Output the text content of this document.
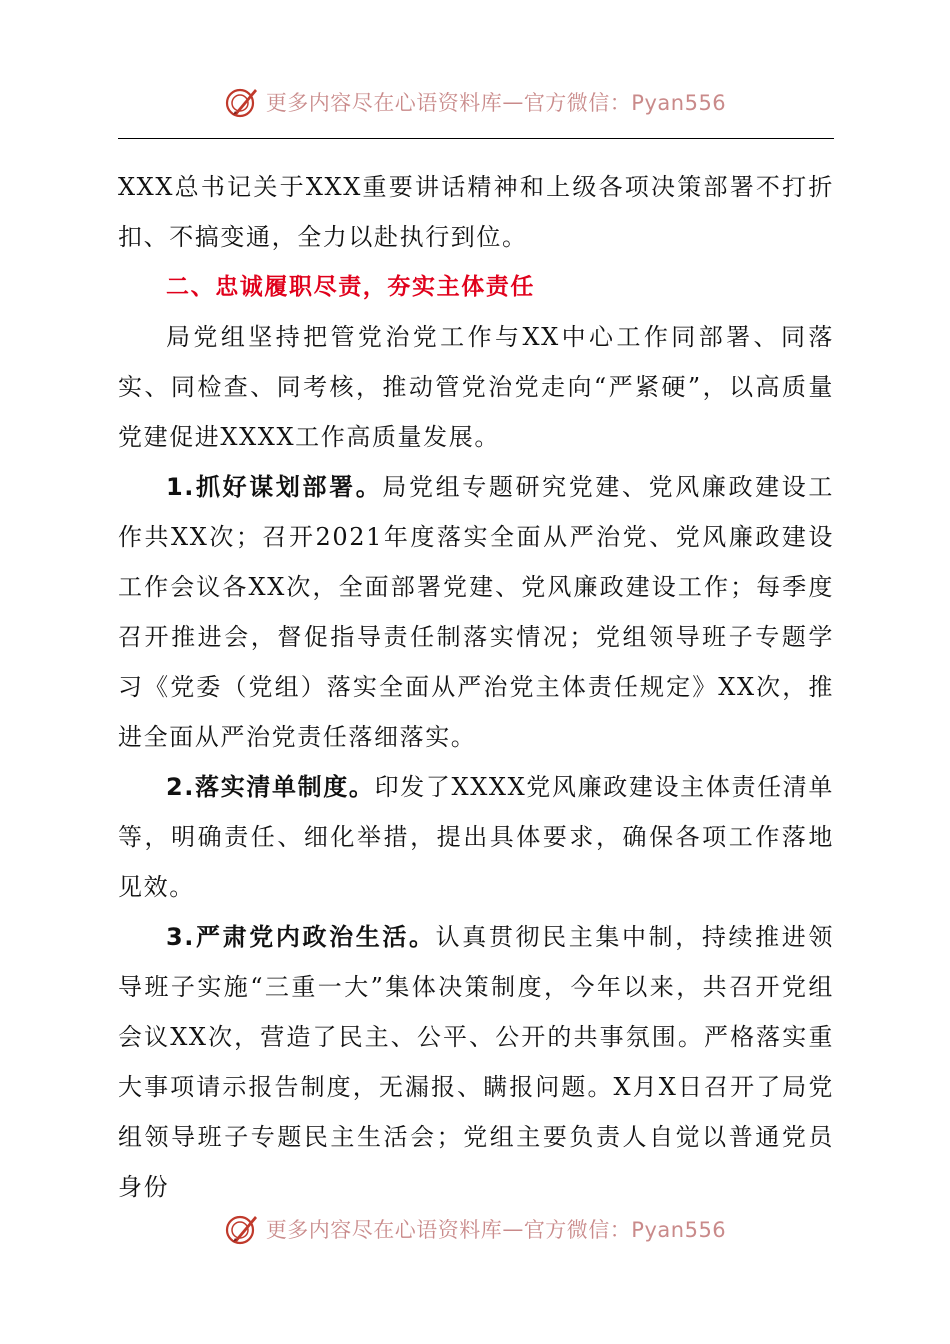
更多内容尽在心语资料库 — 官方微信：Pyan556

XXX总书记关于XXX重要讲话精神和上级各项决策部署不打折扣、不搞变通，全力以赴执行到位。

二、忠诚履职尽责，夯实主体责任

局党组坚持把管党治党工作与XX中心工作同部署、同落实、同检查、同考核，推动管党治党走向“严紧硬”，以高质量党建促进XXXX工作高质量发展。

1.抓好谋划部署。局党组专题研究党建、党风廉政建设工作共XX次；召开2021年度落实全面从严治党、党风廉政建设工作会议各XX次，全面部署党建、党风廉政建设工作；每季度召开推进会，督促指导责任制落实情况；党组领导班子专题学习《党委（党组）落实全面从严治党主体责任规定》XX次，推进全面从严治党责任落细落实。

2.落实清单制度。印发了XXXX党风廉政建设主体责任清单等，明确责任、细化举措，提出具体要求，确保各项工作落地见效。

3.严肃党内政治生活。认真贯彻民主集中制，持续推进领导班子实施“三重一大”集体决策制度，今年以来，共召开党组会议XX次，营造了民主、公平、公开的共事氛围。严格落实重大事项请示报告制度，无漏报、瞒报问题。X月X日召开了局党组领导班子专题民主生活会；党组主要负责人自觉以普通党员身份

更多内容尽在心语资料库 — 官方微信：Pyan556
